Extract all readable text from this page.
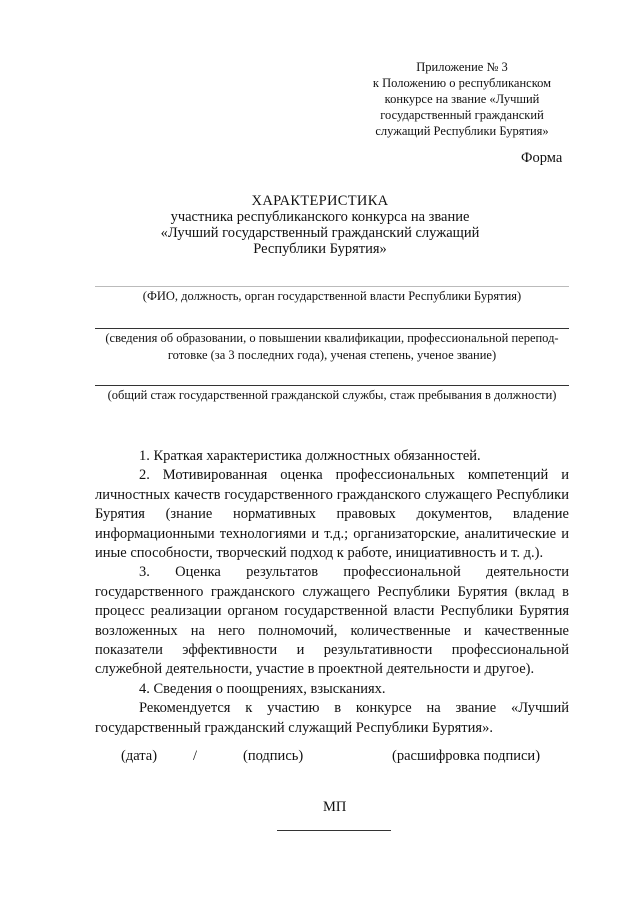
Приложение № 3
к Положению о республиканском
конкурсе на звание «Лучший
государственный гражданский
служащий Республики Бурятия»
Форма
ХАРАКТЕРИСТИКА
участника республиканского конкурса на звание
«Лучший государственный гражданский служащий
Республики Бурятия»
(ФИО, должность, орган государственной власти Республики Бурятия)
(сведения об образовании, о повышении квалификации, профессиональной перепод-
готовке (за 3 последних года), ученая степень, ученое звание)
(общий стаж государственной гражданской службы, стаж пребывания в должности)

1. Краткая характеристика должностных обязанностей.

2. Мотивированная оценка профессиональных компетенций и личностных качеств государственного гражданского служащего Республики Бурятия (знание нормативных правовых документов, владение информационными технологиями и т.д.; организаторские, аналитические и иные способности, творческий подход к работе, инициативность и т. д.).

3. Оценка результатов профессиональной деятельности государственного гражданского служащего Республики Бурятия (вклад в процесс реализации органом государственной власти Республики Бурятия возложенных на него полномочий, количественные и качественные показатели эффективности и результативности профессиональной служебной деятельности, участие в проектной деятельности и другое).

4. Сведения о поощрениях, взысканиях.

Рекомендуется к участию в конкурсе на звание «Лучший государственный гражданский служащий Республики Бурятия».

(дата) /	(подпись)	(расшифровка подписи)
МП
